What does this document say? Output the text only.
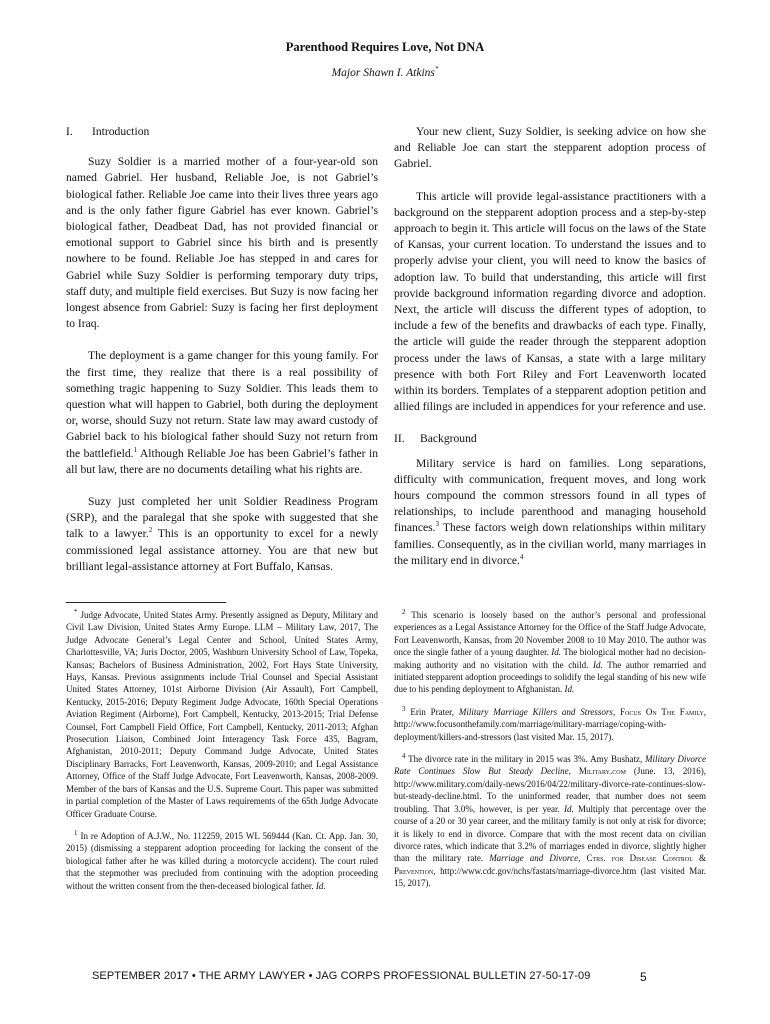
Parenthood Requires Love, Not DNA
Major Shawn I. Atkins*

I. Introduction

Suzy Soldier is a married mother of a four-year-old son named Gabriel. Her husband, Reliable Joe, is not Gabriel’s biological father. Reliable Joe came into their lives three years ago and is the only father figure Gabriel has ever known. Gabriel’s biological father, Deadbeat Dad, has not provided financial or emotional support to Gabriel since his birth and is presently nowhere to be found. Reliable Joe has stepped in and cares for Gabriel while Suzy Soldier is performing temporary duty trips, staff duty, and multiple field exercises. But Suzy is now facing her longest absence from Gabriel: Suzy is facing her first deployment to Iraq.

The deployment is a game changer for this young family. For the first time, they realize that there is a real possibility of something tragic happening to Suzy Soldier. This leads them to question what will happen to Gabriel, both during the deployment or, worse, should Suzy not return. State law may award custody of Gabriel back to his biological father should Suzy not return from the battlefield.$^1$ Although Reliable Joe has been Gabriel’s father in all but law, there are no documents detailing what his rights are.

Suzy just completed her unit Soldier Readiness Program (SRP), and the paralegal that she spoke with suggested that she talk to a lawyer.$^2$ This is an opportunity to excel for a newly commissioned legal assistance attorney. You are that new but brilliant legal-assistance attorney at Fort Buffalo, Kansas.

Your new client, Suzy Soldier, is seeking advice on how she and Reliable Joe can start the stepparent adoption process of Gabriel.

This article will provide legal-assistance practitioners with a background on the stepparent adoption process and a step-by-step approach to begin it. This article will focus on the laws of the State of Kansas, your current location. To understand the issues and to properly advise your client, you will need to know the basics of adoption law. To build that understanding, this article will first provide background information regarding divorce and adoption. Next, the article will discuss the different types of adoption, to include a few of the benefits and drawbacks of each type. Finally, the article will guide the reader through the stepparent adoption process under the laws of Kansas, a state with a large military presence with both Fort Riley and Fort Leavenworth located within its borders. Templates of a stepparent adoption petition and allied filings are included in appendices for your reference and use.

II. Background

Military service is hard on families. Long separations, difficulty with communication, frequent moves, and long work hours compound the common stressors found in all types of relationships, to include parenthood and managing household finances.$^3$ These factors weigh down relationships within military families. Consequently, as in the civilian world, many marriages in the military end in divorce.$^4$

* Judge Advocate, United States Army. Presently assigned as Deputy, Military and Civil Law Division, United States Army Europe. LLM – Military Law, 2017, The Judge Advocate General’s Legal Center and School, United States Army, Charlottesville, VA; Juris Doctor, 2005, Washburn University School of Law, Topeka, Kansas; Bachelors of Business Administration, 2002, Fort Hays State University, Hays, Kansas. Previous assignments include Trial Counsel and Special Assistant United States Attorney, 101st Airborne Division (Air Assault), Fort Campbell, Kentucky, 2015-2016; Deputy Regiment Judge Advocate, 160th Special Operations Aviation Regiment (Airborne), Fort Campbell, Kentucky, 2013-2015; Trial Defense Counsel, Fort Campbell Field Office, Fort Campbell, Kentucky, 2011-2013; Afghan Prosecution Liaison, Combined Joint Interagency Task Force 435, Bagram, Afghanistan, 2010-2011; Deputy Command Judge Advocate, United States Disciplinary Barracks, Fort Leavenworth, Kansas, 2009-2010; and Legal Assistance Attorney, Office of the Staff Judge Advocate, Fort Leavenworth, Kansas, 2008-2009. Member of the bars of Kansas and the U.S. Supreme Court. This paper was submitted in partial completion of the Master of Laws requirements of the 65th Judge Advocate Officer Graduate Course.

$^1$ In re Adoption of A.J.W., No. 112259, 2015 WL 569444 (Kan. Ct. App. Jan. 30, 2015) (dismissing a stepparent adoption proceeding for lacking the consent of the biological father after he was killed during a motorcycle accident). The court ruled that the stepmother was precluded from continuing with the adoption proceeding without the written consent from the then-deceased biological father. Id.

$^2$ This scenario is loosely based on the author’s personal and professional experiences as a Legal Assistance Attorney for the Office of the Staff Judge Advocate, Fort Leavenworth, Kansas, from 20 November 2008 to 10 May 2010. The author was once the single father of a young daughter. Id. The biological mother had no decision-making authority and no visitation with the child. Id. The author remarried and initiated stepparent adoption proceedings to solidify the legal standing of his new wife due to his pending deployment to Afghanistan. Id.

$^3$ Erin Prater, Military Marriage Killers and Stressors, Focus On The Family, http://www.focusonthefamily.com/marriage/military-marriage/coping-with-deployment/killers-and-stressors (last visited Mar. 15, 2017).

$^4$ The divorce rate in the military in 2015 was 3%. Amy Bushatz, Military Divorce Rate Continues Slow But Steady Decline, Military.com (June. 13, 2016), http://www.military.com/daily-news/2016/04/22/military-divorce-rate-continues-slow-but-steady-decline.html. To the uninformed reader, that number does not seem troubling. That 3.0%, however, is per year. Id. Multiply that percentage over the course of a 20 or 30 year career, and the military family is not only at risk for divorce; it is likely to end in divorce. Compare that with the most recent data on civilian divorce rates, which indicate that 3.2% of marriages ended in divorce, slightly higher than the military rate. Marriage and Divorce, Ctrs. for Disease Control & Prevention, http://www.cdc.gov/nchs/fastats/marriage-divorce.htm (last visited Mar. 15, 2017).

SEPTEMBER 2017 • THE ARMY LAWYER • JAG CORPS PROFESSIONAL BULLETIN 27-50-17-09	5
